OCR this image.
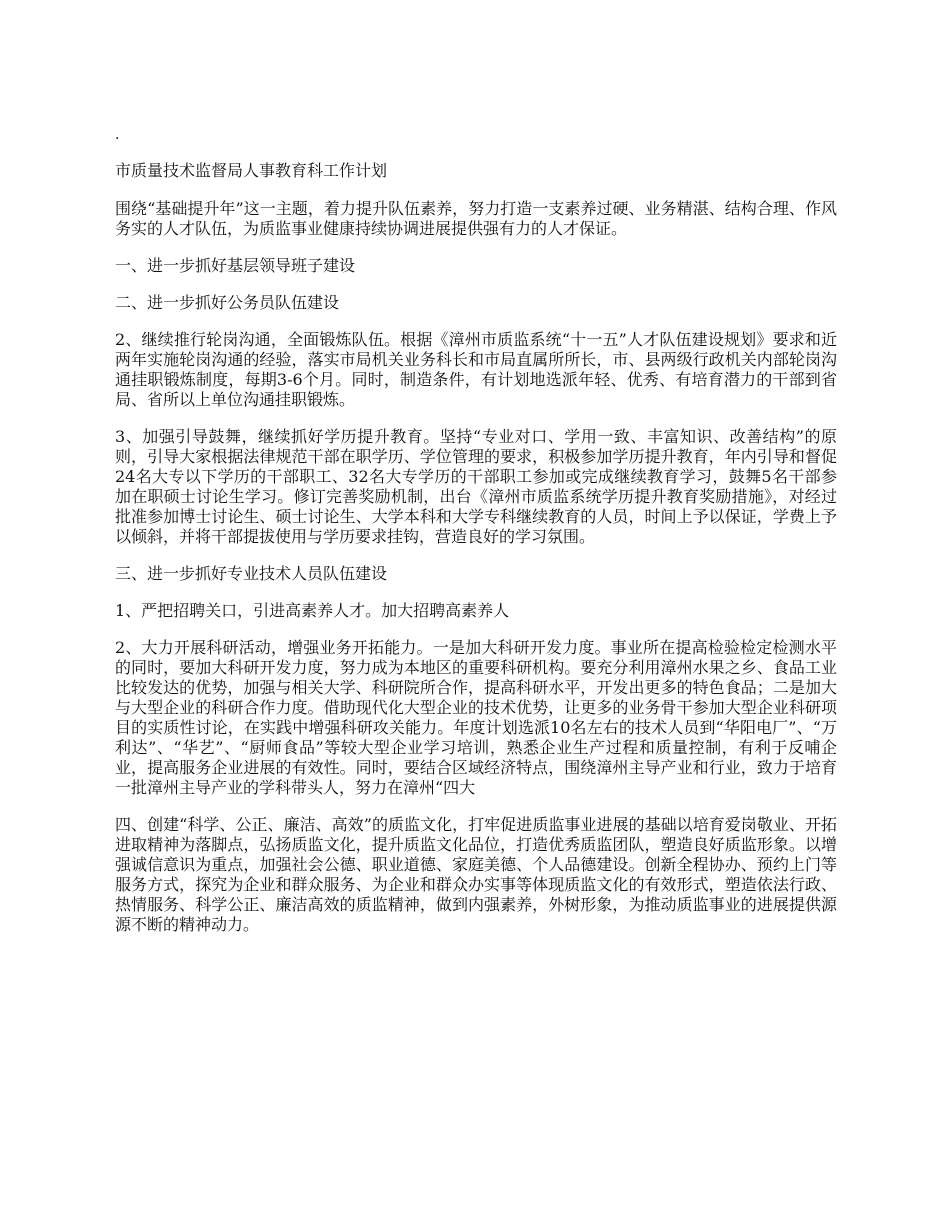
.
市质量技术监督局人事教育科工作计划

围绕“基础提升年”这一主题，着力提升队伍素养，努力打造一支素养过硬、业务精湛、结构合理、作风务实的人才队伍，为质监事业健康持续协调进展提供强有力的人才保证。

一、进一步抓好基层领导班子建设

二、进一步抓好公务员队伍建设

2、继续推行轮岗沟通，全面锻炼队伍。根据《漳州市质监系统“十一五”人才队伍建设规划》要求和近两年实施轮岗沟通的经验，落实市局机关业务科长和市局直属所所长，市、县两级行政机关内部轮岗沟通挂职锻炼制度，每期3-6个月。同时，制造条件，有计划地选派年轻、优秀、有培育潜力的干部到省局、省所以上单位沟通挂职锻炼。

3、加强引导鼓舞，继续抓好学历提升教育。坚持“专业对口、学用一致、丰富知识、改善结构”的原则，引导大家根据法律规范干部在职学历、学位管理的要求，积极参加学历提升教育，年内引导和督促24名大专以下学历的干部职工、32名大专学历的干部职工参加或完成继续教育学习，鼓舞5名干部参加在职硕士讨论生学习。修订完善奖励机制，出台《漳州市质监系统学历提升教育奖励措施》，对经过批准参加博士讨论生、硕士讨论生、大学本科和大学专科继续教育的人员，时间上予以保证，学费上予以倾斜，并将干部提拔使用与学历要求挂钩，营造良好的学习氛围。

三、进一步抓好专业技术人员队伍建设

1、严把招聘关口，引进高素养人才。加大招聘高素养人

2、大力开展科研活动，增强业务开拓能力。一是加大科研开发力度。事业所在提高检验检定检测水平的同时，要加大科研开发力度，努力成为本地区的重要科研机构。要充分利用漳州水果之乡、食品工业比较发达的优势，加强与相关大学、科研院所合作，提高科研水平，开发出更多的特色食品；二是加大与大型企业的科研合作力度。借助现代化大型企业的技术优势，让更多的业务骨干参加大型企业科研项目的实质性讨论，在实践中增强科研攻关能力。年度计划选派10名左右的技术人员到“华阳电厂”、“万利达”、“华艺”、“厨师食品”等较大型企业学习培训，熟悉企业生产过程和质量控制，有利于反哺企业，提高服务企业进展的有效性。同时，要结合区域经济特点，围绕漳州主导产业和行业，致力于培育一批漳州主导产业的学科带头人，努力在漳州“四大

四、创建“科学、公正、廉洁、高效”的质监文化，打牢促进质监事业进展的基础以培育爱岗敬业、开拓进取精神为落脚点，弘扬质监文化，提升质监文化品位，打造优秀质监团队，塑造良好质监形象。以增强诚信意识为重点，加强社会公德、职业道德、家庭美德、个人品德建设。创新全程协办、预约上门等服务方式，探究为企业和群众服务、为企业和群众办实事等体现质监文化的有效形式，塑造依法行政、热情服务、科学公正、廉洁高效的质监精神，做到内强素养，外树形象，为推动质监事业的进展提供源源不断的精神动力。
